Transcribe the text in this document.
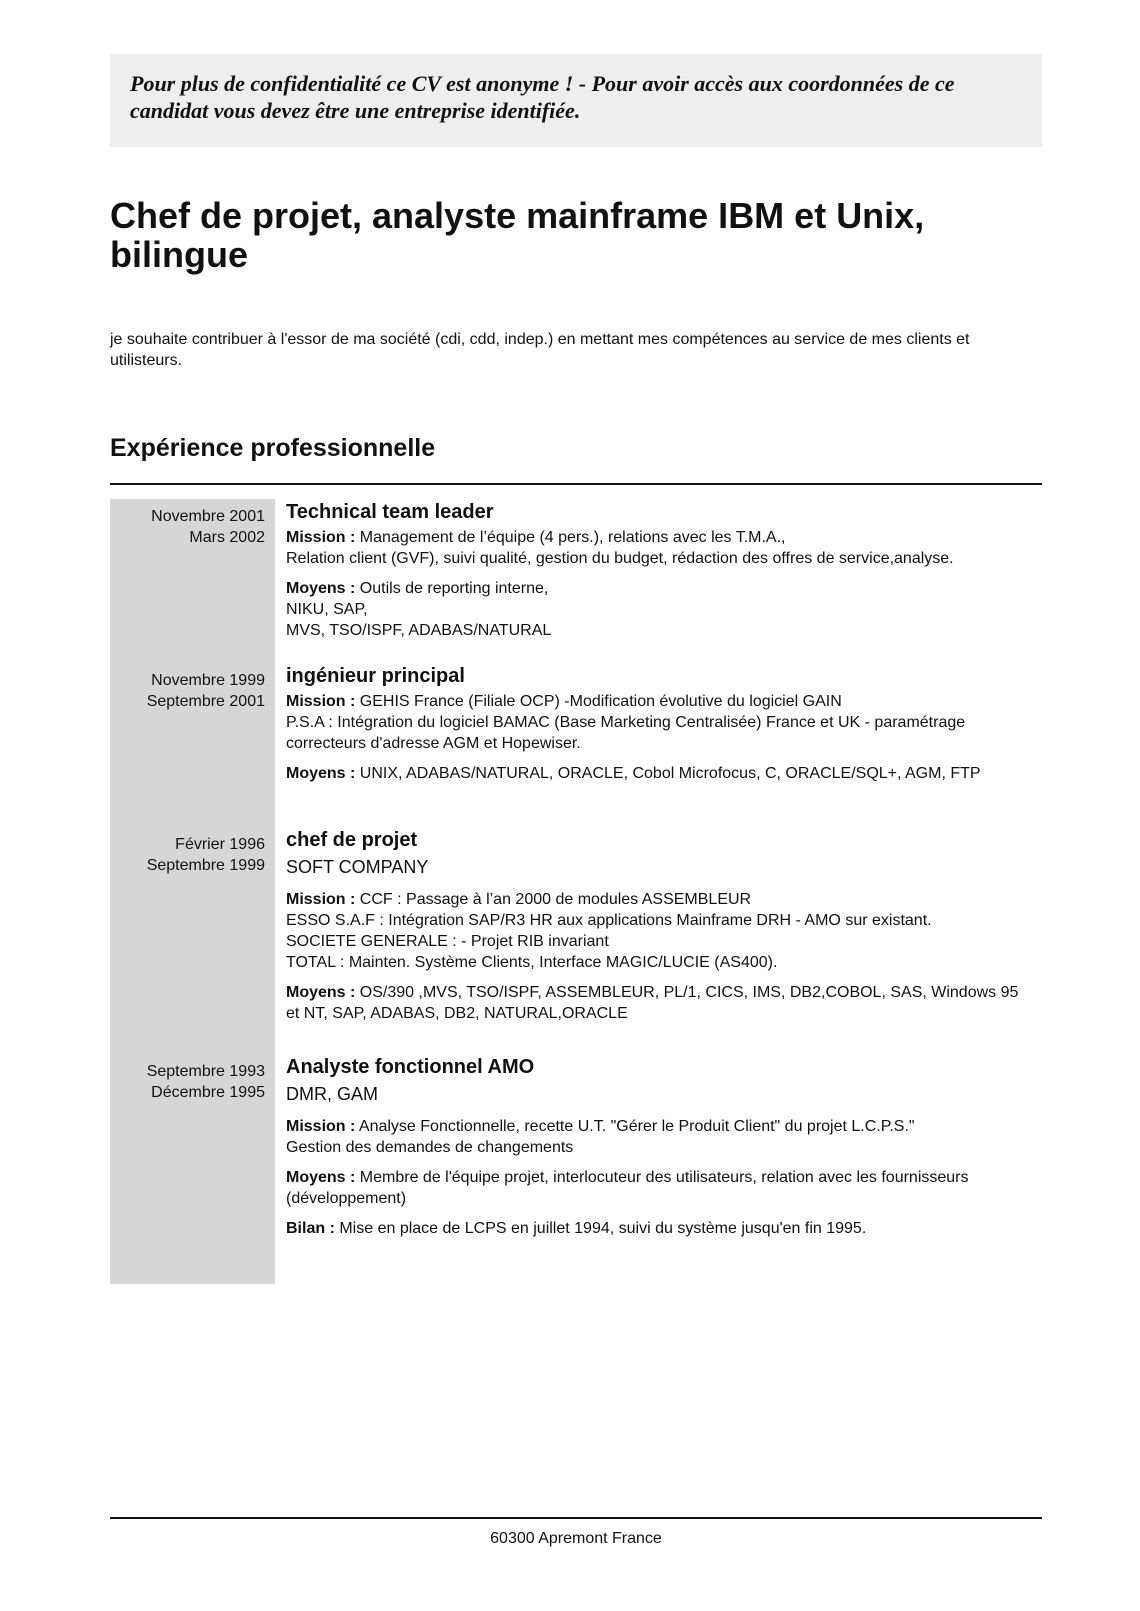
Pour plus de confidentialité ce CV est anonyme ! - Pour avoir accès aux coordonnées de ce candidat vous devez être une entreprise identifiée.
Chef de projet, analyste mainframe IBM et Unix,
bilingue
je souhaite contribuer à l'essor de ma société (cdi, cdd, indep.) en mettant mes compétences au service de mes clients et utilisteurs.
Expérience professionnelle
Novembre 2001
Mars 2002
Technical team leader
Mission : Management de l’équipe (4 pers.), relations avec les T.M.A.,
Relation client (GVF), suivi qualité, gestion du budget, rédaction des offres de service,analyse.
Moyens : Outils de reporting interne,
NIKU, SAP,
MVS, TSO/ISPF, ADABAS/NATURAL
Novembre 1999
Septembre 2001
ingénieur principal
Mission : GEHIS France (Filiale OCP) -Modification évolutive du logiciel GAIN
P.S.A : Intégration du logiciel BAMAC (Base Marketing Centralisée) France et UK - paramétrage correcteurs d'adresse AGM et Hopewiser.
Moyens : UNIX, ADABAS/NATURAL, ORACLE, Cobol Microfocus, C, ORACLE/SQL+, AGM, FTP
Février 1996
Septembre 1999
chef de projet
SOFT COMPANY
Mission : CCF : Passage à l’an 2000 de modules ASSEMBLEUR
ESSO S.A.F : Intégration SAP/R3 HR aux applications Mainframe DRH - AMO sur existant.
SOCIETE GENERALE : - Projet RIB invariant
TOTAL : Mainten. Système Clients, Interface MAGIC/LUCIE (AS400).
Moyens : OS/390 ,MVS, TSO/ISPF, ASSEMBLEUR, PL/1, CICS, IMS, DB2,COBOL, SAS, Windows 95 et NT, SAP, ADABAS, DB2, NATURAL,ORACLE
Septembre 1993
Décembre 1995
Analyste fonctionnel AMO
DMR, GAM
Mission : Analyse Fonctionnelle, recette U.T. "Gérer le Produit Client" du projet L.C.P.S."
Gestion des demandes de changements
Moyens : Membre de l'équipe projet, interlocuteur des utilisateurs, relation avec les fournisseurs (développement)
Bilan : Mise en place de LCPS en juillet 1994, suivi du système jusqu'en fin 1995.
60300 Apremont France
